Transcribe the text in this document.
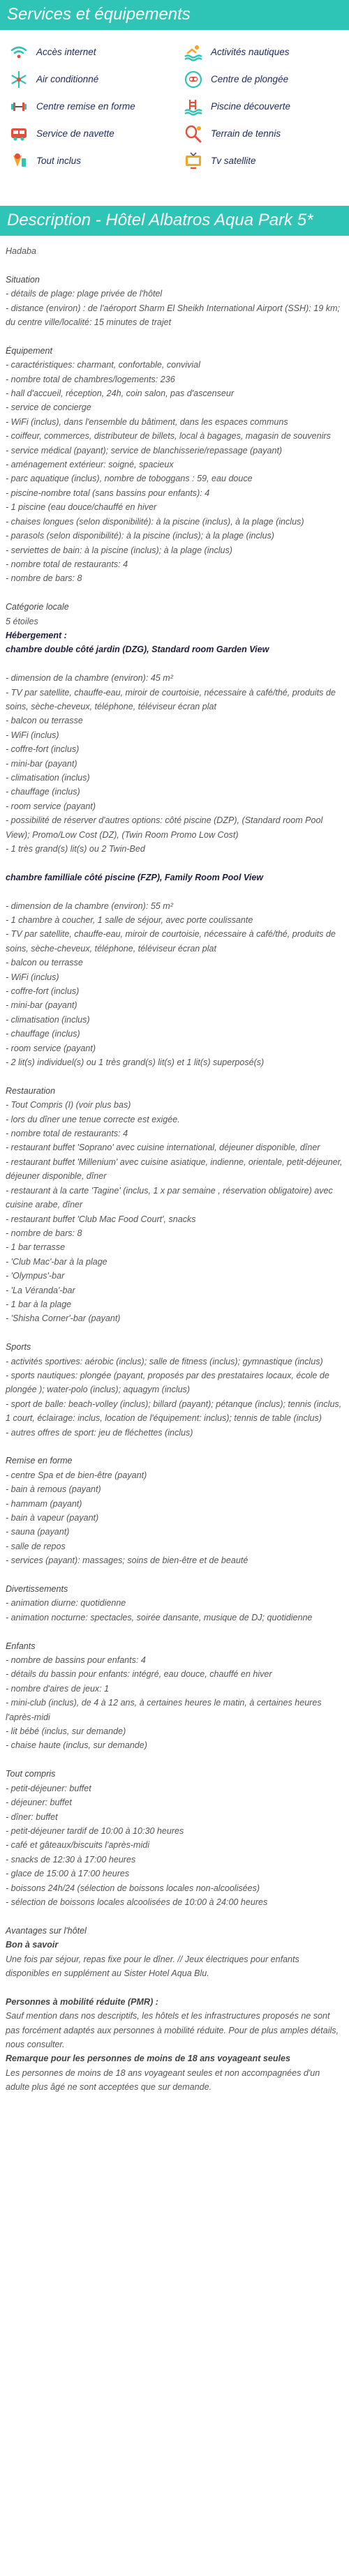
Services et équipements
Accès internet	Activités nautiques
Air conditionné	Centre de plongée
Centre remise en forme	Piscine découverte
Service de navette	Terrain de tennis
Tout inclus	Tv satellite
Description - Hôtel Albatros Aqua Park 5*

Hadaba

Situation

- détails de plage: plage privée de l'hôtel

- distance (environ) : de l'aéroport Sharm El Sheikh International Airport (SSH): 19 km; du centre ville/localité: 15 minutes de trajet

Équipement

- caractéristiques: charmant, confortable, convivial

- nombre total de chambres/logements: 236

- hall d'accueil, réception, 24h, coin salon, pas d'ascenseur

- service de concierge

- WiFi (inclus), dans l'ensemble du bâtiment, dans les espaces communs

- coiffeur, commerces, distributeur de billets, local à bagages, magasin de souvenirs

- service médical (payant); service de blanchisserie/repassage (payant)

- aménagement extérieur: soigné, spacieux

- parc aquatique (inclus), nombre de toboggans : 59, eau douce

- piscine-nombre total (sans bassins pour enfants): 4

- 1 piscine (eau douce/chauffé en hiver

- chaises longues (selon disponibilité): à la piscine (inclus), à la plage (inclus)

- parasols (selon disponibilité): à la piscine (inclus); à la plage (inclus)

- serviettes de bain: à la piscine (inclus); à la plage (inclus)

- nombre total de restaurants: 4

- nombre de bars: 8

Catégorie locale

5 étoiles

Hébergement :

chambre double côté jardin (DZG), Standard room Garden View

- dimension de la chambre (environ): 45 m²

- TV par satellite, chauffe-eau, miroir de courtoisie, nécessaire à café/thé, produits de soins, sèche-cheveux, téléphone, téléviseur écran plat

- balcon ou terrasse

- WiFi (inclus)

- coffre-fort (inclus)

- mini-bar (payant)

- climatisation (inclus)

- chauffage (inclus)

- room service (payant)

- possibilité de réserver d'autres options: côté piscine (DZP), (Standard room Pool View); Promo/Low Cost (DZ), (Twin Room Promo Low Cost)

- 1 très grand(s) lit(s) ou 2 Twin-Bed

chambre familliale côté piscine (FZP), Family Room Pool View

- dimension de la chambre (environ): 55 m²

- 1 chambre à coucher, 1 salle de séjour, avec porte coulissante

- TV par satellite, chauffe-eau, miroir de courtoisie, nécessaire à café/thé, produits de soins, sèche-cheveux, téléphone, téléviseur écran plat

- balcon ou terrasse

- WiFi (inclus)

- coffre-fort (inclus)

- mini-bar (payant)

- climatisation (inclus)

- chauffage (inclus)

- room service (payant)

- 2 lit(s) individuel(s) ou 1 très grand(s) lit(s) et 1 lit(s) superposé(s)

Restauration

- Tout Compris (I) (voir plus bas)

- lors du dîner une tenue correcte est exigée.

- nombre total de restaurants: 4

- restaurant buffet 'Soprano' avec cuisine international, déjeuner disponible, dîner

- restaurant buffet 'Millenium' avec cuisine asiatique, indienne, orientale, petit-déjeuner, déjeuner disponible, dîner

- restaurant à la carte 'Tagine' (inclus, 1 x par semaine , réservation obligatoire) avec cuisine arabe, dîner

- restaurant buffet 'Club Mac Food Court', snacks

- nombre de bars: 8

- 1 bar terrasse

- 'Club Mac'-bar à la plage

- 'Olympus'-bar

- 'La Véranda'-bar

- 1 bar à la plage

- 'Shisha Corner'-bar (payant)

Sports

- activités sportives: aérobic (inclus); salle de fitness (inclus); gymnastique (inclus)

- sports nautiques: plongée (payant, proposés par des prestataires locaux, école de plongée ); water-polo (inclus); aquagym (inclus)

- sport de balle: beach-volley (inclus); billard (payant); pétanque (inclus); tennis (inclus, 1 court, éclairage: inclus, location de l'équipement: inclus); tennis de table (inclus)

- autres offres de sport: jeu de fléchettes (inclus)

Remise en forme

- centre Spa et de bien-être (payant)

- bain à remous (payant)

- hammam (payant)

- bain à vapeur (payant)

- sauna (payant)

- salle de repos

- services (payant): massages; soins de bien-être et de beauté

Divertissements

- animation diurne: quotidienne

- animation nocturne: spectacles, soirée dansante, musique de DJ; quotidienne

Enfants

- nombre de bassins pour enfants: 4

- détails du bassin pour enfants: intégré, eau douce, chauffé en hiver

- nombre d'aires de jeux: 1

- mini-club (inclus), de 4 à 12 ans, à certaines heures le matin, à certaines heures l'après-midi

- lit bébé (inclus, sur demande)

- chaise haute (inclus, sur demande)

Tout compris

- petit-déjeuner: buffet

- déjeuner: buffet

- dîner: buffet

- petit-déjeuner tardif de 10:00 à 10:30 heures

- café et gâteaux/biscuits l'après-midi

- snacks de 12:30 à 17:00 heures

- glace de 15:00 à 17:00 heures

- boissons 24h/24 (sélection de boissons locales non-alcoolisées)

- sélection de boissons locales alcoolisées de 10:00 à 24:00 heures

Avantages sur l'hôtel

Bon à savoir

Une fois par séjour, repas fixe pour le dîner. // Jeux électriques pour enfants disponibles en supplément au Sister Hotel Aqua Blu.

Personnes à mobilité réduite (PMR) :

Sauf mention dans nos descriptifs, les hôtels et les infrastructures proposés ne sont pas forcément adaptés aux personnes à mobilité réduite. Pour de plus amples détails, nous consulter.

Remarque pour les personnes de moins de 18 ans voyageant seules

Les personnes de moins de 18 ans voyageant seules et non accompagnées d'un adulte plus âgé ne sont acceptées que sur demande.
